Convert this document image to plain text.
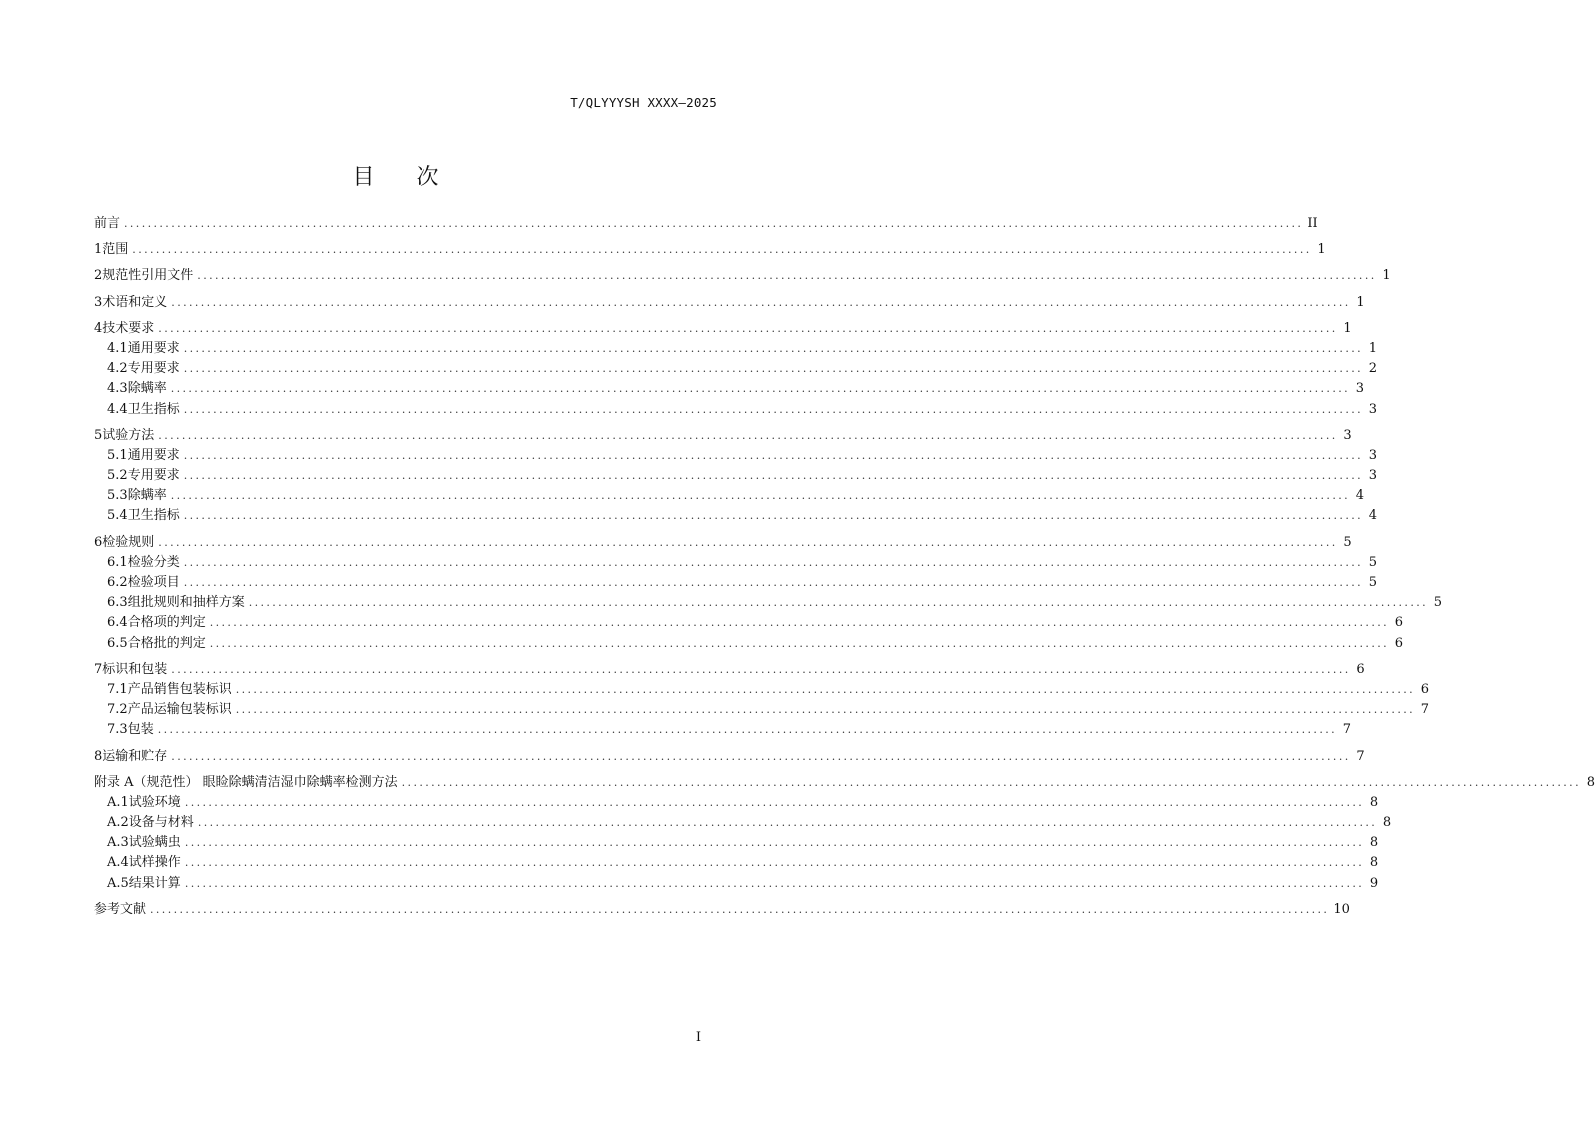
T/QLYYYSH XXXX—2025
目 次
前言 ........................................................................................................................................................................................................ II
1 范围 ........................................................................................................................................................................................................ 1
2 规范性引用文件 ........................................................................................................................................................................................................ 1
3 术语和定义 ........................................................................................................................................................................................................ 1
4 技术要求 ........................................................................................................................................................................................................ 1
4.1 通用要求 ........................................................................................................................................................................................................ 1
4.2 专用要求 ........................................................................................................................................................................................................ 2
4.3 除螨率 ........................................................................................................................................................................................................ 3
4.4 卫生指标 ........................................................................................................................................................................................................ 3
5 试验方法 ........................................................................................................................................................................................................ 3
5.1 通用要求 ........................................................................................................................................................................................................ 3
5.2 专用要求 ........................................................................................................................................................................................................ 3
5.3 除螨率 ........................................................................................................................................................................................................ 4
5.4 卫生指标 ........................................................................................................................................................................................................ 4
6 检验规则 ........................................................................................................................................................................................................ 5
6.1 检验分类 ........................................................................................................................................................................................................ 5
6.2 检验项目 ........................................................................................................................................................................................................ 5
6.3 组批规则和抽样方案 ........................................................................................................................................................................................................ 5
6.4 合格项的判定 ........................................................................................................................................................................................................ 6
6.5 合格批的判定 ........................................................................................................................................................................................................ 6
7 标识和包装 ........................................................................................................................................................................................................ 6
7.1 产品销售包装标识 ........................................................................................................................................................................................................ 6
7.2 产品运输包装标识 ........................................................................................................................................................................................................ 7
7.3 包装 ........................................................................................................................................................................................................ 7
8 运输和贮存 ........................................................................................................................................................................................................ 7
附录 A（规范性） 眼睑除螨清洁湿巾除螨率检测方法 ........................................................................................................................................................................................................ 8
A.1 试验环境 ........................................................................................................................................................................................................ 8
A.2 设备与材料 ........................................................................................................................................................................................................ 8
A.3 试验螨虫 ........................................................................................................................................................................................................ 8
A.4 试样操作 ........................................................................................................................................................................................................ 8
A.5 结果计算 ........................................................................................................................................................................................................ 9
参考文献 ........................................................................................................................................................................................................ 10
I
